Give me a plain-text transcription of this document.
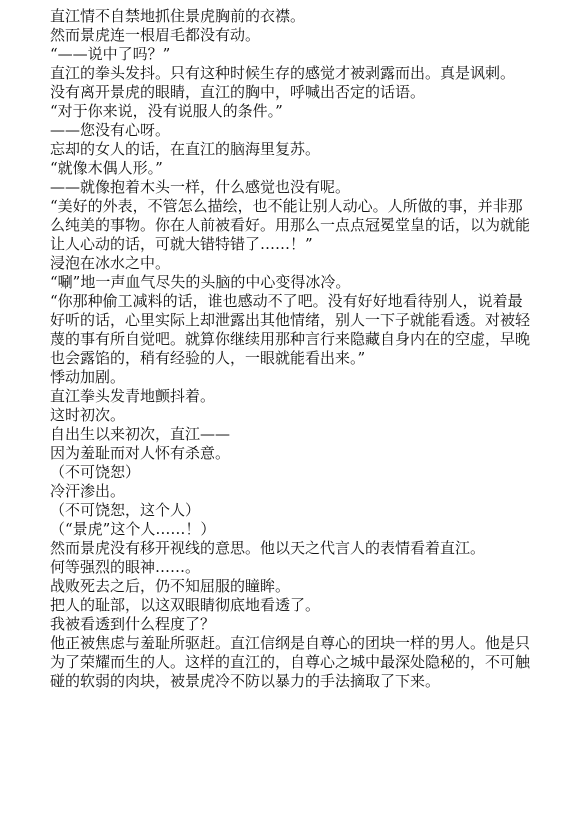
直江情不自禁地抓住景虎胸前的衣襟。

然而景虎连一根眉毛都没有动。

“——说中了吗？”

直江的拳头发抖。只有这种时候生存的感觉才被剥露而出。真是讽刺。

没有离开景虎的眼睛，直江的胸中，呼喊出否定的话语。

“对于你来说，没有说服人的条件。”

——您没有心呀。

忘却的女人的话，在直江的脑海里复苏。

“就像木偶人形。”

——就像抱着木头一样，什么感觉也没有呢。

“美好的外表，不管怎么描绘，也不能让别人动心。人所做的事，并非那么纯美的事物。你在人前被看好。用那么一点点冠冕堂皇的话，以为就能让人心动的话，可就大错特错了……！”

浸泡在冰水之中。

“唰”地一声血气尽失的头脑的中心变得冰冷。

“你那种偷工减料的话，谁也感动不了吧。没有好好地看待别人，说着最好听的话，心里实际上却泄露出其他情绪，别人一下子就能看透。对被轻蔑的事有所自觉吧。就算你继续用那种言行来隐藏自身内在的空虚，早晚也会露馅的，稍有经验的人，一眼就能看出来。”

悸动加剧。

直江拳头发青地颤抖着。

这时初次。

自出生以来初次，直江——

因为羞耻而对人怀有杀意。

（不可饶恕）

冷汗渗出。

（不可饶恕，这个人）

（“景虎”这个人……！）

然而景虎没有移开视线的意思。他以天之代言人的表情看着直江。

何等强烈的眼神……。

战败死去之后，仍不知屈服的瞳眸。

把人的耻部，以这双眼睛彻底地看透了。

我被看透到什么程度了？

他正被焦虑与羞耻所驱赶。直江信纲是自尊心的团块一样的男人。他是只为了荣耀而生的人。这样的直江的，自尊心之城中最深处隐秘的，不可触碰的软弱的肉块，被景虎冷不防以暴力的手法摘取了下来。
